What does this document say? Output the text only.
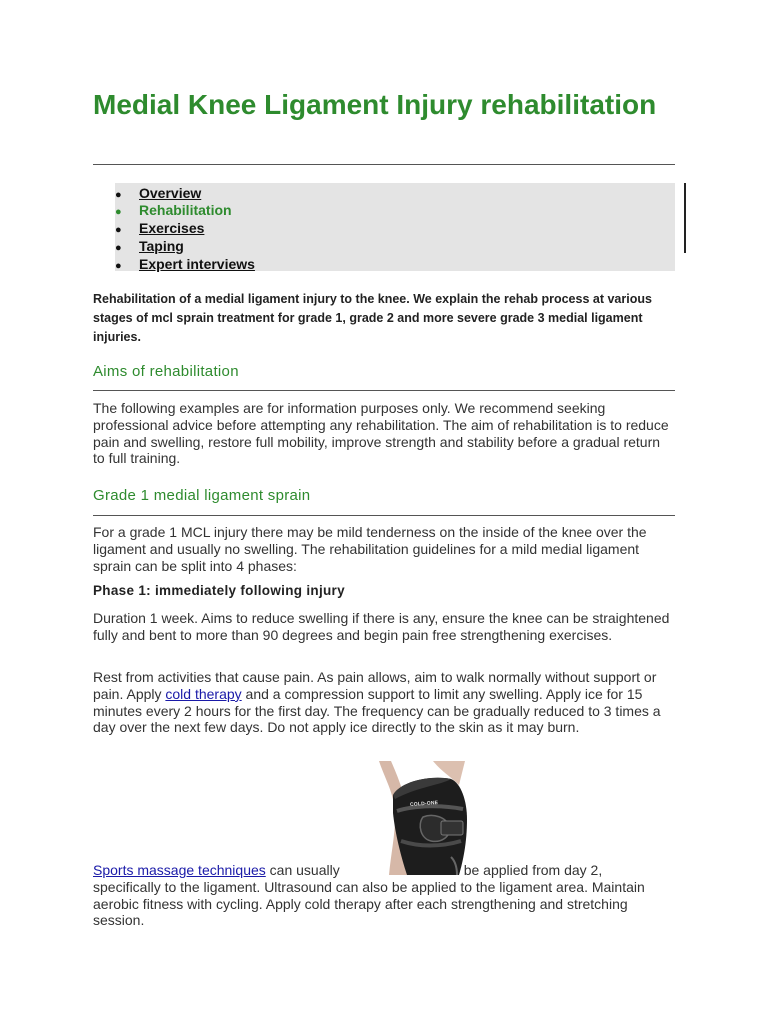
Medial Knee Ligament Injury rehabilitation
● Overview
● Rehabilitation
● Exercises
● Taping
● Expert interviews

Rehabilitation of a medial ligament injury to the knee. We explain the rehab process at various stages of mcl sprain treatment for grade 1, grade 2 and more severe grade 3 medial ligament injuries.

Aims of rehabilitation

The following examples are for information purposes only. We recommend seeking professional advice before attempting any rehabilitation. The aim of rehabilitation is to reduce pain and swelling, restore full mobility, improve strength and stability before a gradual return to full training.

Grade 1 medial ligament sprain

For a grade 1 MCL injury there may be mild tenderness on the inside of the knee over the ligament and usually no swelling. The rehabilitation guidelines for a mild medial ligament sprain can be split into 4 phases:

Phase 1: immediately following injury

Duration 1 week. Aims to reduce swelling if there is any, ensure the knee can be straightened fully and bent to more than 90 degrees and begin pain free strengthening exercises.

Rest from activities that cause pain. As pain allows, aim to walk normally without support or pain. Apply cold therapy and a compression support to limit any swelling. Apply ice for 15 minutes every 2 hours for the first day. The frequency can be gradually reduced to 3 times a day over the next few days. Do not apply ice directly to the skin as it may burn.

COLD-ONE
Sports massage techniques can usually	be applied from day 2,

specifically to the ligament. Ultrasound can also be applied to the ligament area. Maintain aerobic fitness with cycling. Apply cold therapy after each strengthening and stretching session.
